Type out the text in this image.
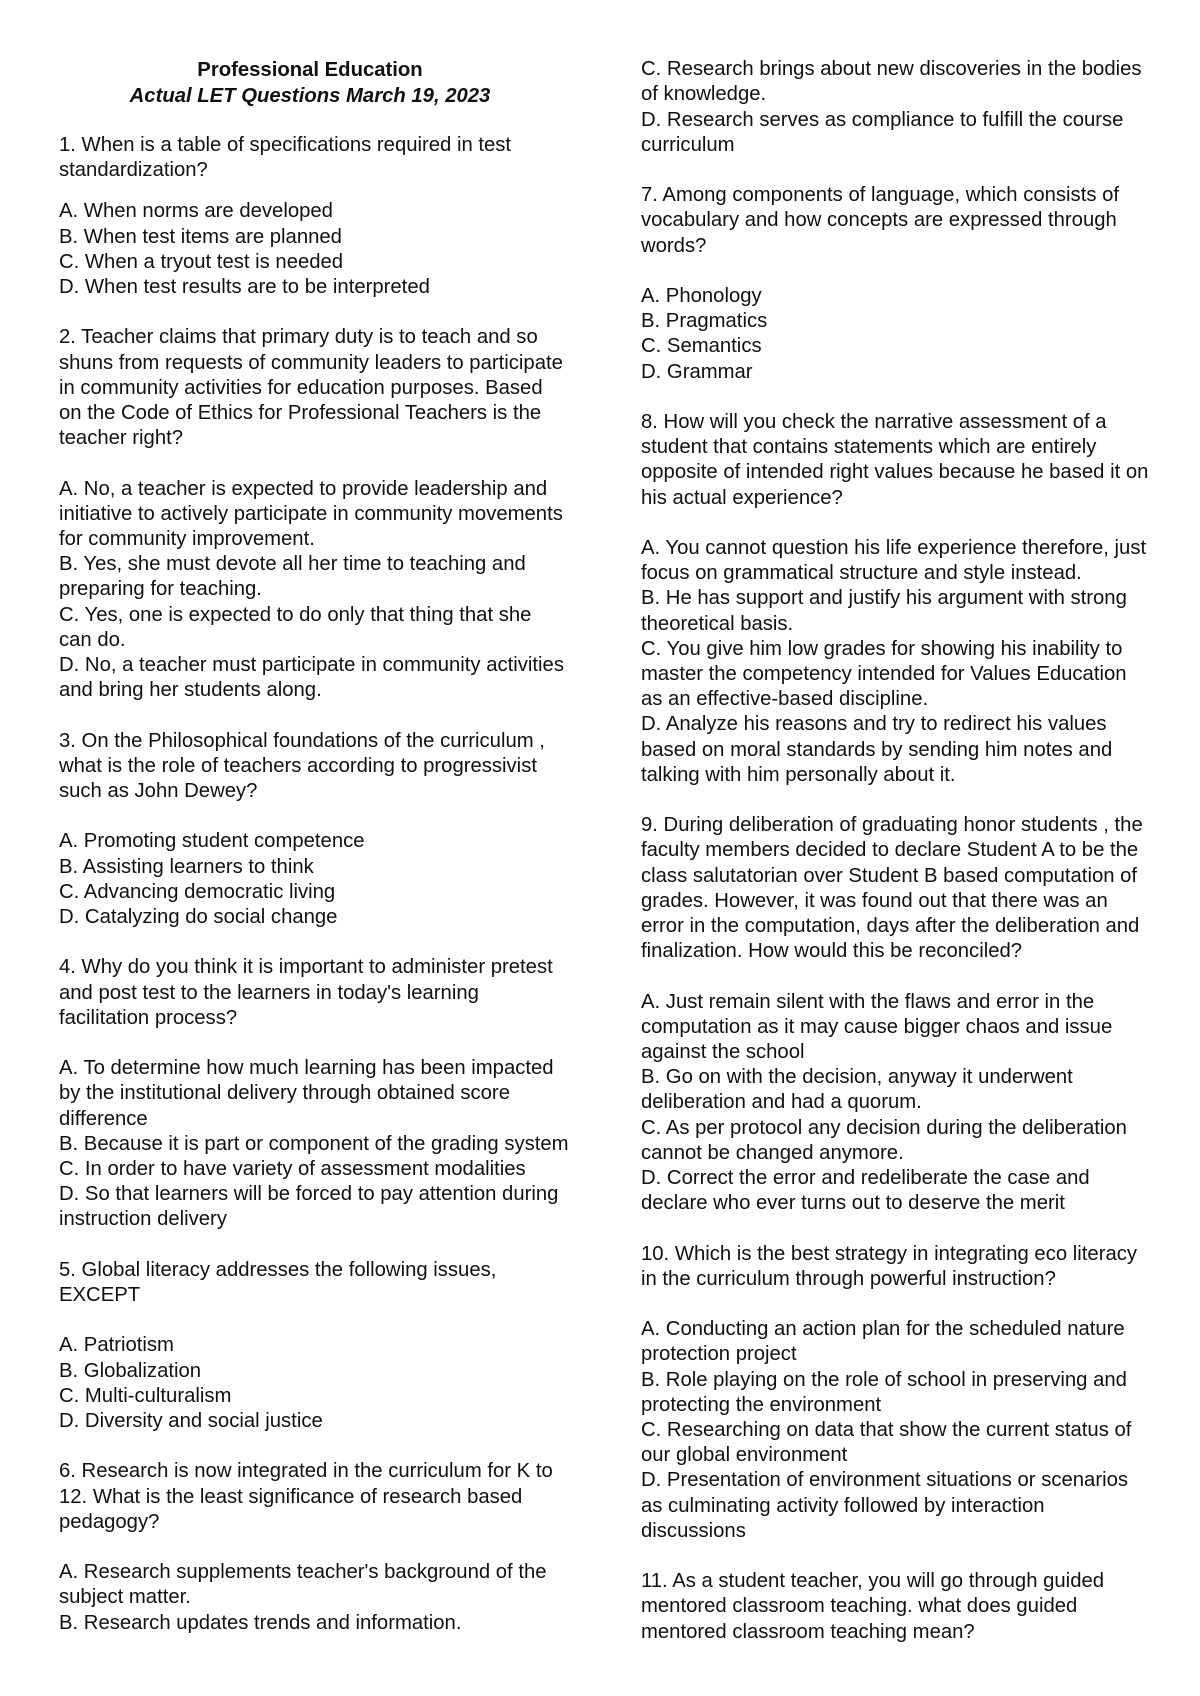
Professional Education
Actual LET Questions March 19, 2023
1. When is a table of specifications required in test
standardization?
A. When norms are developed
B. When test items are planned
C. When a tryout test is needed
D. When test results are to be interpreted
2. Teacher claims that primary duty is to teach and so
shuns from requests of community leaders to participate
in community activities for education purposes. Based
on the Code of Ethics for Professional Teachers is the
teacher right?
A. No, a teacher is expected to provide leadership and
initiative to actively participate in community movements
for community improvement.
B. Yes, she must devote all her time to teaching and
preparing for teaching.
C. Yes, one is expected to do only that thing that she
can do.
D. No, a teacher must participate in community activities
and bring her students along.
3. On the Philosophical foundations of the curriculum ,
what is the role of teachers according to progressivist
such as John Dewey?
A. Promoting student competence
B. Assisting learners to think
C. Advancing democratic living
D. Catalyzing do social change
4. Why do you think it is important to administer pretest
and post test to the learners in today's learning
facilitation process?
A. To determine how much learning has been impacted
by the institutional delivery through obtained score
difference
B. Because it is part or component of the grading system
C. In order to have variety of assessment modalities
D. So that learners will be forced to pay attention during
instruction delivery
5. Global literacy addresses the following issues,
EXCEPT
A. Patriotism
B. Globalization
C. Multi-culturalism
D. Diversity and social justice
6. Research is now integrated in the curriculum for K to
12. What is the least significance of research based
pedagogy?
A. Research supplements teacher's background of the
subject matter.
B. Research updates trends and information.
C. Research brings about new discoveries in the bodies
of knowledge.
D. Research serves as compliance to fulfill the course
curriculum
7. Among components of language, which consists of
vocabulary and how concepts are expressed through
words?
A. Phonology
B. Pragmatics
C. Semantics
D. Grammar
8. How will you check the narrative assessment of a
student that contains statements which are entirely
opposite of intended right values because he based it on
his actual experience?
A. You cannot question his life experience therefore, just
focus on grammatical structure and style instead.
B. He has support and justify his argument with strong
theoretical basis.
C. You give him low grades for showing his inability to
master the competency intended for Values Education
as an effective-based discipline.
D. Analyze his reasons and try to redirect his values
based on moral standards by sending him notes and
talking with him personally about it.
9. During deliberation of graduating honor students , the
faculty members decided to declare Student A to be the
class salutatorian over Student B based computation of
grades. However, it was found out that there was an
error in the computation, days after the deliberation and
finalization. How would this be reconciled?
A. Just remain silent with the flaws and error in the
computation as it may cause bigger chaos and issue
against the school
B. Go on with the decision, anyway it underwent
deliberation and had a quorum.
C. As per protocol any decision during the deliberation
cannot be changed anymore.
D. Correct the error and redeliberate the case and
declare who ever turns out to deserve the merit
10. Which is the best strategy in integrating eco literacy
in the curriculum through powerful instruction?
A. Conducting an action plan for the scheduled nature
protection project
B. Role playing on the role of school in preserving and
protecting the environment
C. Researching on data that show the current status of
our global environment
D. Presentation of environment situations or scenarios
as culminating activity followed by interaction
discussions
11. As a student teacher, you will go through guided
mentored classroom teaching. what does guided
mentored classroom teaching mean?
